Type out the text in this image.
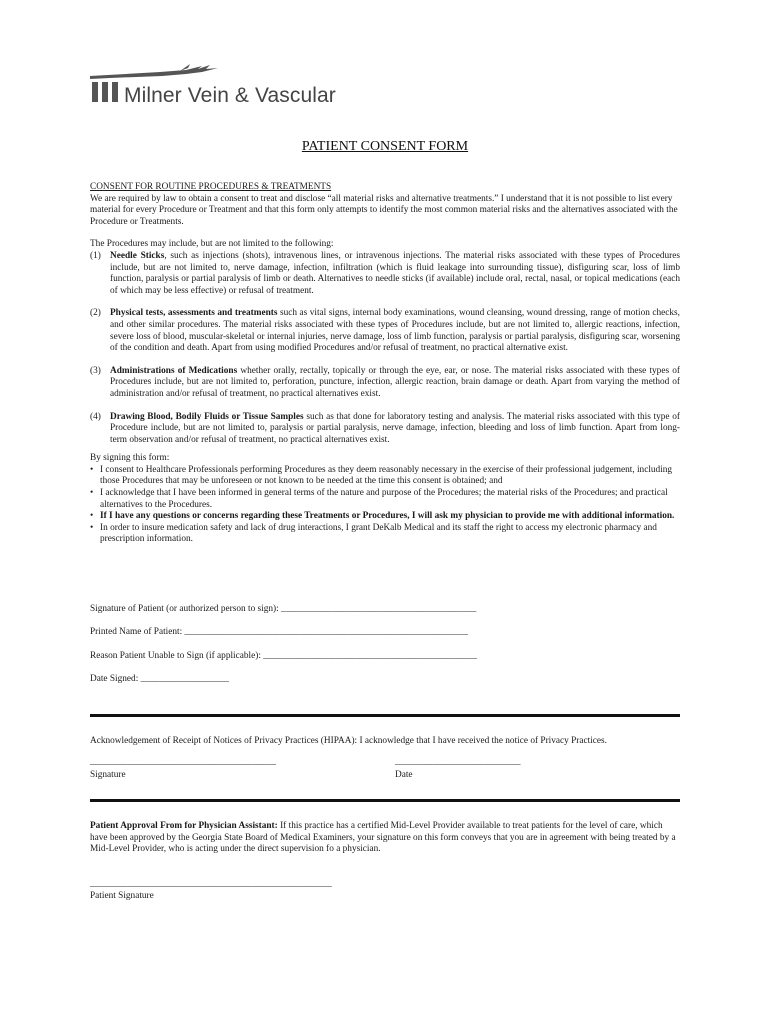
Milner Vein & Vascular
PATIENT CONSENT FORM

CONSENT FOR ROUTINE PROCEDURES & TREATMENTS

We are required by law to obtain a consent to treat and disclose “all material risks and alternative treatments.” I understand that it is not possible to list every material for every Procedure or Treatment and that this form only attempts to identify the most common material risks and the alternatives associated with the Procedure or Treatments.

The Procedures may include, but are not limited to the following:

(1) Needle Sticks, such as injections (shots), intravenous lines, or intravenous injections. The material risks associated with these types of Procedures include, but are not limited to, nerve damage, infection, infiltration (which is fluid leakage into surrounding tissue), disfiguring scar, loss of limb function, paralysis or partial paralysis of limb or death. Alternatives to needle sticks (if available) include oral, rectal, nasal, or topical medications (each of which may be less effective) or refusal of treatment.
(2) Physical tests, assessments and treatments such as vital signs, internal body examinations, wound cleansing, wound dressing, range of motion checks, and other similar procedures. The material risks associated with these types of Procedures include, but are not limited to, allergic reactions, infection, severe loss of blood, muscular-skeletal or internal injuries, nerve damage, loss of limb function, paralysis or partial paralysis, disfiguring scar, worsening of the condition and death. Apart from using modified Procedures and/or refusal of treatment, no practical alternative exist.
(3) Administrations of Medications whether orally, rectally, topically or through the eye, ear, or nose. The material risks associated with these types of Procedures include, but are not limited to, perforation, puncture, infection, allergic reaction, brain damage or death. Apart from varying the method of administration and/or refusal of treatment, no practical alternatives exist.
(4) Drawing Blood, Bodily Fluids or Tissue Samples such as that done for laboratory testing and analysis. The material risks associated with this type of Procedure include, but are not limited to, paralysis or partial paralysis, nerve damage, infection, bleeding and loss of limb function. Apart from long-term observation and/or refusal of treatment, no practical alternatives exist.

By signing this form:

• I consent to Healthcare Professionals performing Procedures as they deem reasonably necessary in the exercise of their professional judgement, including those Procedures that may be unforeseen or not known to be needed at the time this consent is obtained; and
• I acknowledge that I have been informed in general terms of the nature and purpose of the Procedures; the material risks of the Procedures; and practical alternatives to the Procedures.
• If I have any questions or concerns regarding these Treatments or Procedures, I will ask my physician to provide me with additional information.
• In order to insure medication safety and lack of drug interactions, I grant DeKalb Medical and its staff the right to access my electronic pharmacy and prescription information.
Signature of Patient (or authorized person to sign): __________________________________________
Printed Name of Patient: _____________________________________________________________
Reason Patient Unable to Sign (if applicable): ______________________________________________
Date Signed: ___________________
Acknowledgement of Receipt of Notices of Privacy Practices (HIPAA): I acknowledge that I have received the notice of Privacy Practices.
________________________________________
Signature
___________________________
Date
Patient Approval From for Physician Assistant: If this practice has a certified Mid-Level Provider available to treat patients for the level of care, which have been approved by the Georgia State Board of Medical Examiners, your signature on this form conveys that you are in agreement with being treated by a Mid-Level Provider, who is acting under the direct supervision fo a physician.
____________________________________________________
Patient Signature
